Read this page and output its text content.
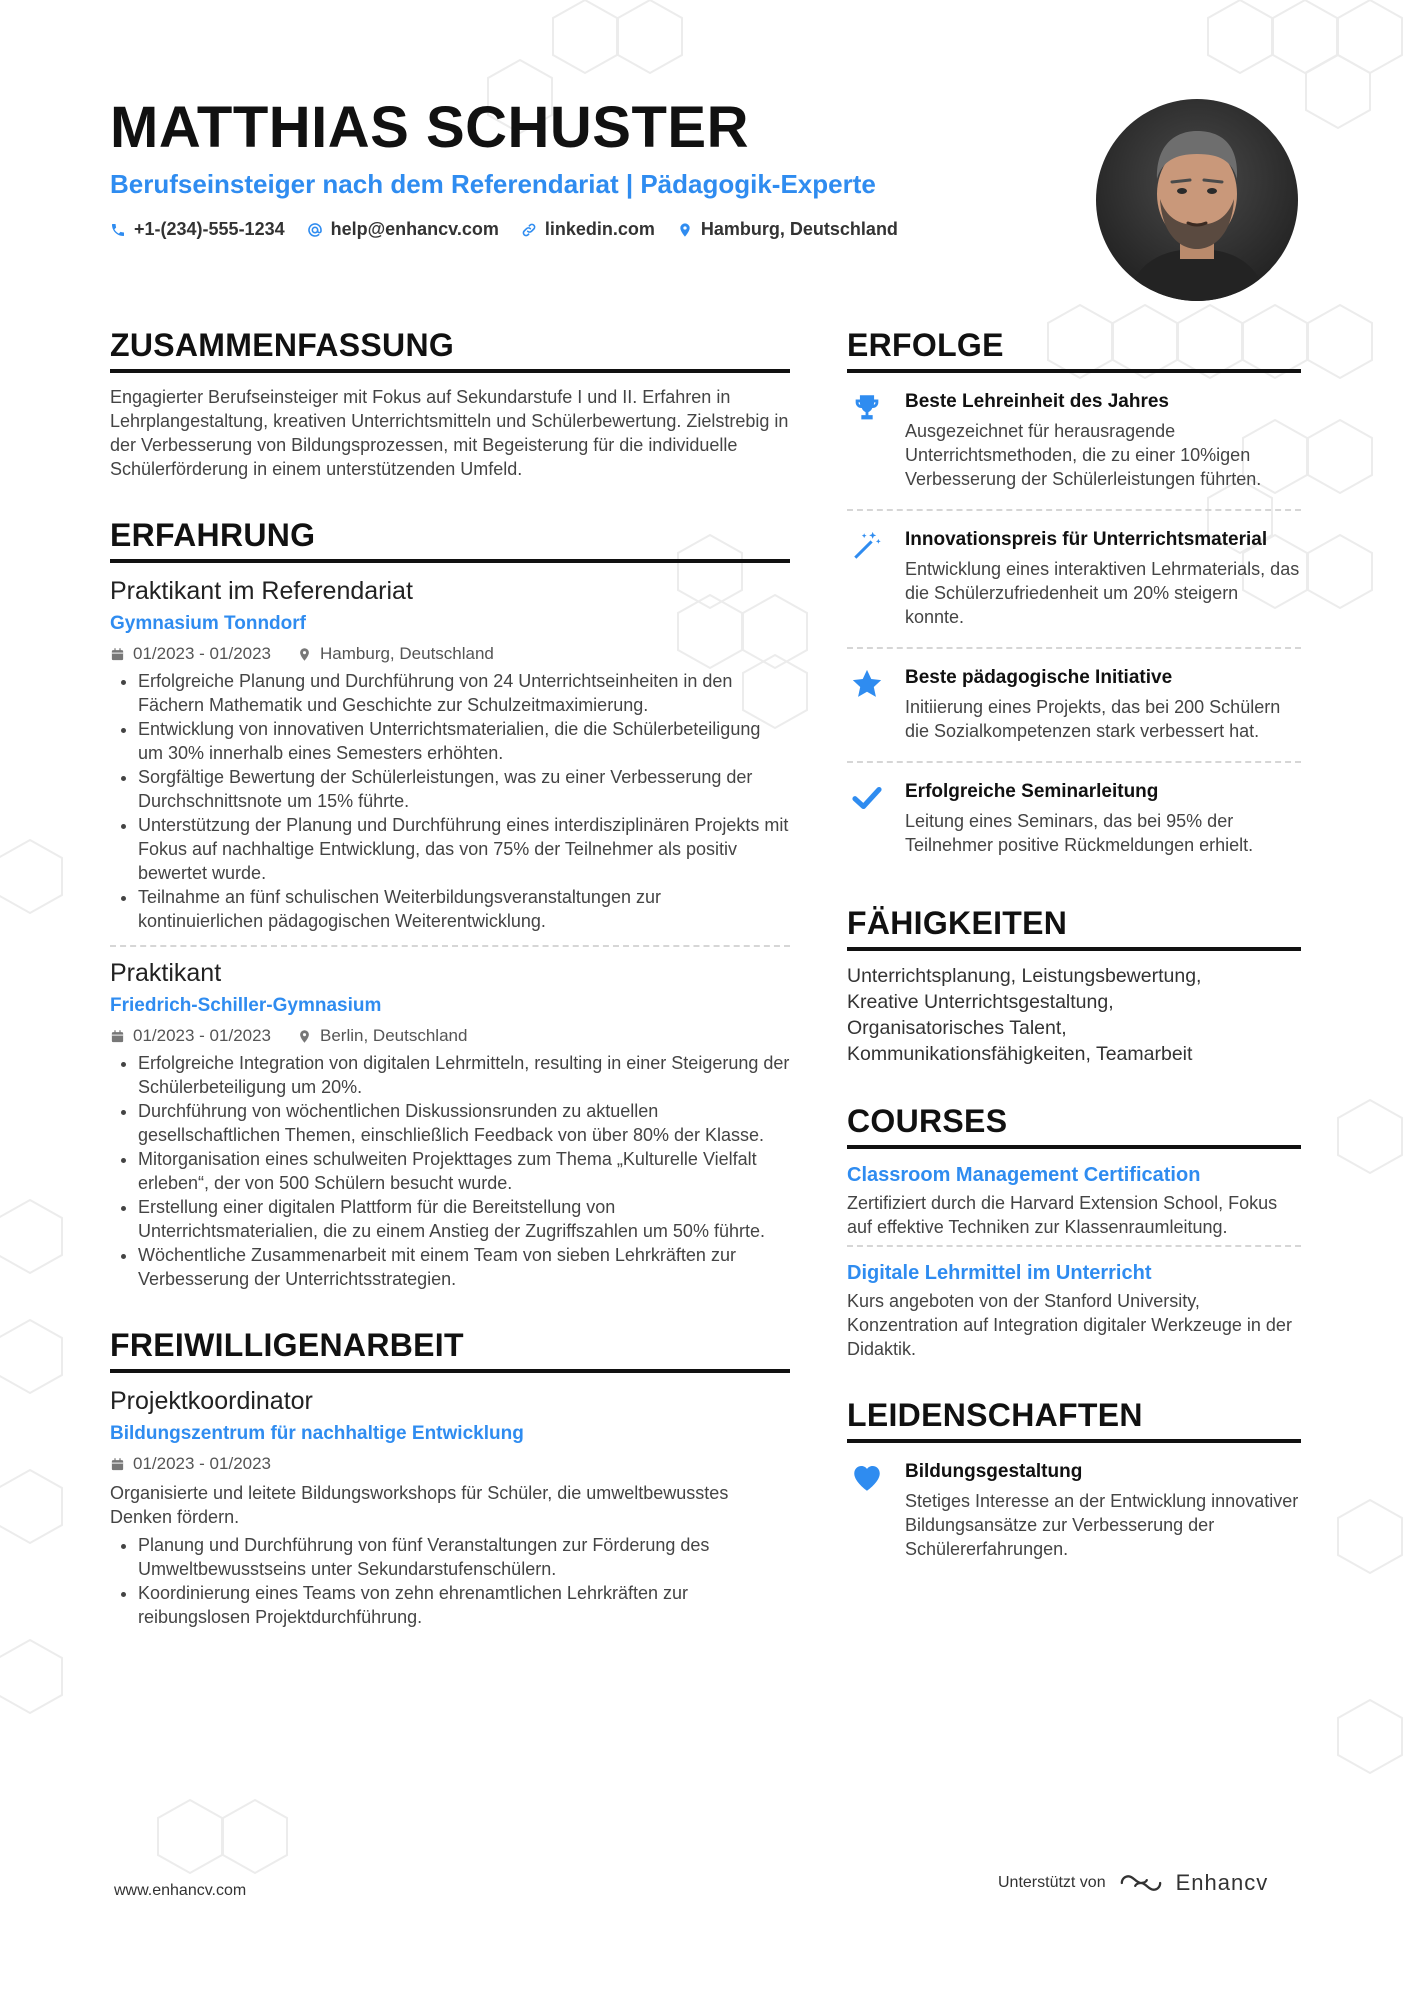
MATTHIAS SCHUSTER
Berufseinsteiger nach dem Referendariat | Pädagogik-Experte
+1-(234)-555-1234	help@enhancv.com	linkedin.com	Hamburg, Deutschland
ZUSAMMENFASSUNG

Engagierter Berufseinsteiger mit Fokus auf Sekundarstufe I und II. Erfahren in Lehrplangestaltung, kreativen Unterrichtsmitteln und Schülerbewertung. Zielstrebig in der Verbesserung von Bildungsprozessen, mit Begeisterung für die individuelle Schülerförderung in einem unterstützenden Umfeld.

ERFAHRUNG
Praktikant im Referendariat
Gymnasium Tonndorf
01/2023 - 01/2023	Hamburg, Deutschland
• Erfolgreiche Planung und Durchführung von 24 Unterrichtseinheiten in den Fächern Mathematik und Geschichte zur Schulzeitmaximierung.
• Entwicklung von innovativen Unterrichtsmaterialien, die die Schülerbeteiligung um 30% innerhalb eines Semesters erhöhten.
• Sorgfältige Bewertung der Schülerleistungen, was zu einer Verbesserung der Durchschnittsnote um 15% führte.
• Unterstützung der Planung und Durchführung eines interdisziplinären Projekts mit Fokus auf nachhaltige Entwicklung, das von 75% der Teilnehmer als positiv bewertet wurde.
• Teilnahme an fünf schulischen Weiterbildungsveranstaltungen zur kontinuierlichen pädagogischen Weiterentwicklung.
Praktikant
Friedrich-Schiller-Gymnasium
01/2023 - 01/2023	Berlin, Deutschland
• Erfolgreiche Integration von digitalen Lehrmitteln, resulting in einer Steigerung der Schülerbeteiligung um 20%.
• Durchführung von wöchentlichen Diskussionsrunden zu aktuellen gesellschaftlichen Themen, einschließlich Feedback von über 80% der Klasse.
• Mitorganisation eines schulweiten Projekttages zum Thema „Kulturelle Vielfalt erleben“, der von 500 Schülern besucht wurde.
• Erstellung einer digitalen Plattform für die Bereitstellung von Unterrichtsmaterialien, die zu einem Anstieg der Zugriffszahlen um 50% führte.
• Wöchentliche Zusammenarbeit mit einem Team von sieben Lehrkräften zur Verbesserung der Unterrichtsstrategien.
FREIWILLIGENARBEIT
Projektkoordinator
Bildungszentrum für nachhaltige Entwicklung
01/2023 - 01/2023

Organisierte und leitete Bildungsworkshops für Schüler, die umweltbewusstes Denken fördern.

• Planung und Durchführung von fünf Veranstaltungen zur Förderung des Umweltbewusstseins unter Sekundarstufenschülern.
• Koordinierung eines Teams von zehn ehrenamtlichen Lehrkräften zur reibungslosen Projektdurchführung.
ERFOLGE
Beste Lehreinheit des Jahres
Ausgezeichnet für herausragende Unterrichtsmethoden, die zu einer 10%igen Verbesserung der Schülerleistungen führten.
Innovationspreis für Unterrichtsmaterial
Entwicklung eines interaktiven Lehrmaterials, das die Schülerzufriedenheit um 20% steigern konnte.
Beste pädagogische Initiative
Initiierung eines Projekts, das bei 200 Schülern die Sozialkompetenzen stark verbessert hat.
Erfolgreiche Seminarleitung
Leitung eines Seminars, das bei 95% der Teilnehmer positive Rückmeldungen erhielt.
FÄHIGKEITEN
Unterrichtsplanung, Leistungsbewertung,
Kreative Unterrichtsgestaltung,
Organisatorisches Talent,
Kommunikationsfähigkeiten, Teamarbeit
COURSES
Classroom Management Certification
Zertifiziert durch die Harvard Extension School, Fokus auf effektive Techniken zur Klassenraumleitung.
Digitale Lehrmittel im Unterricht
Kurs angeboten von der Stanford University, Konzentration auf Integration digitaler Werkzeuge in der Didaktik.
LEIDENSCHAFTEN
Bildungsgestaltung
Stetiges Interesse an der Entwicklung innovativer Bildungsansätze zur Verbesserung der Schülererfahrungen.
www.enhancv.com	Unterstützt von	Enhancv
